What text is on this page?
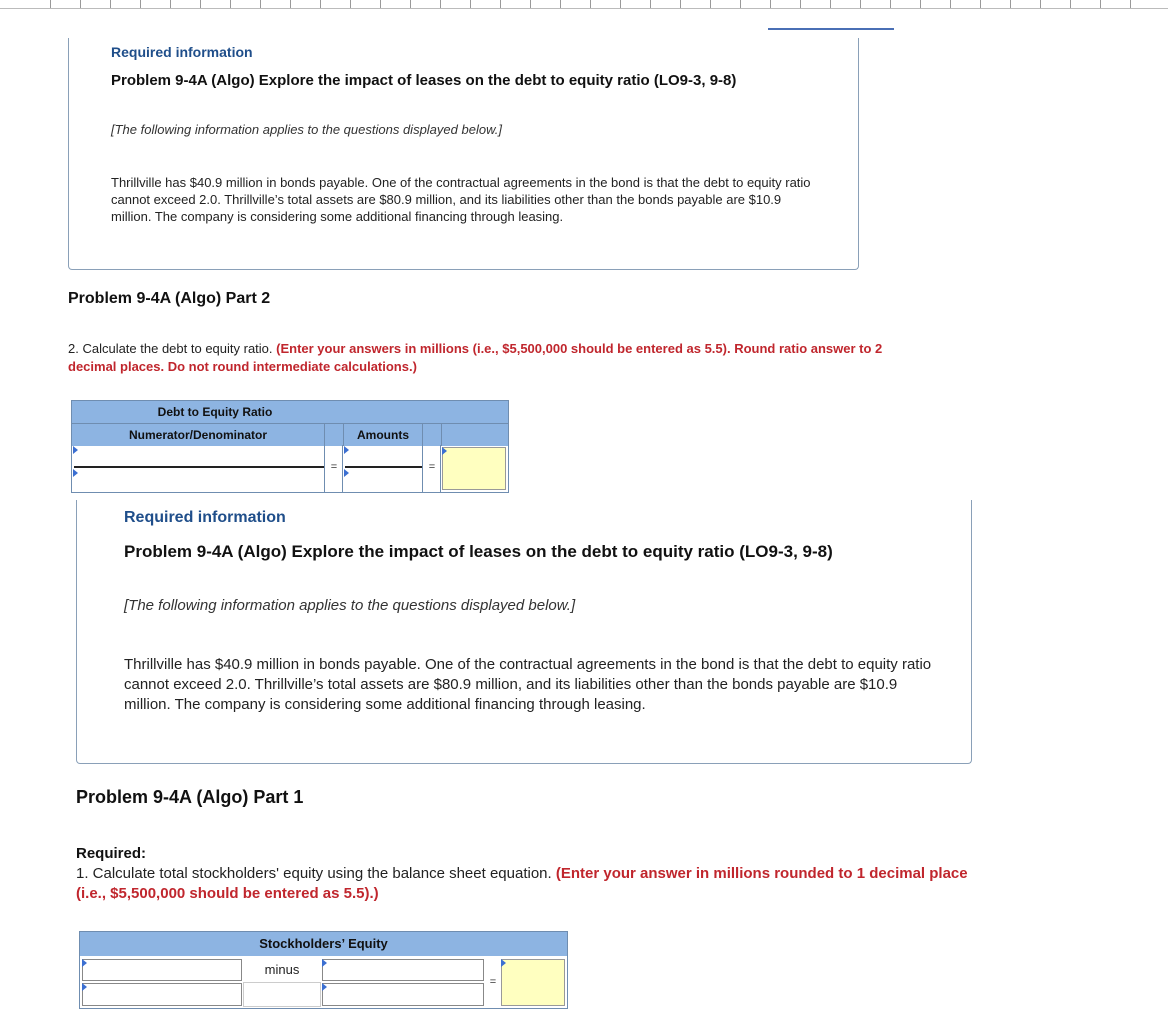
Required information
Problem 9-4A (Algo) Explore the impact of leases on the debt to equity ratio (LO9-3, 9-8)
[The following information applies to the questions displayed below.]
Thrillville has $40.9 million in bonds payable. One of the contractual agreements in the bond is that the debt to equity ratio cannot exceed 2.0. Thrillville’s total assets are $80.9 million, and its liabilities other than the bonds payable are $10.9 million. The company is considering some additional financing through leasing.
Problem 9-4A (Algo) Part 2
2. Calculate the debt to equity ratio. (Enter your answers in millions (i.e., $5,500,000 should be entered as 5.5). Round ratio answer to 2 decimal places. Do not round intermediate calculations.)
Debt to Equity Ratio
Numerator/Denominator	Amounts
=	=
Required information
Problem 9-4A (Algo) Explore the impact of leases on the debt to equity ratio (LO9-3, 9-8)
[The following information applies to the questions displayed below.]
Thrillville has $40.9 million in bonds payable. One of the contractual agreements in the bond is that the debt to equity ratio cannot exceed 2.0. Thrillville’s total assets are $80.9 million, and its liabilities other than the bonds payable are $10.9 million. The company is considering some additional financing through leasing.
Problem 9-4A (Algo) Part 1
Required:
1. Calculate total stockholders' equity using the balance sheet equation. (Enter your answer in millions rounded to 1 decimal place (i.e., $5,500,000 should be entered as 5.5).)
Stockholders’ Equity
minus
=
